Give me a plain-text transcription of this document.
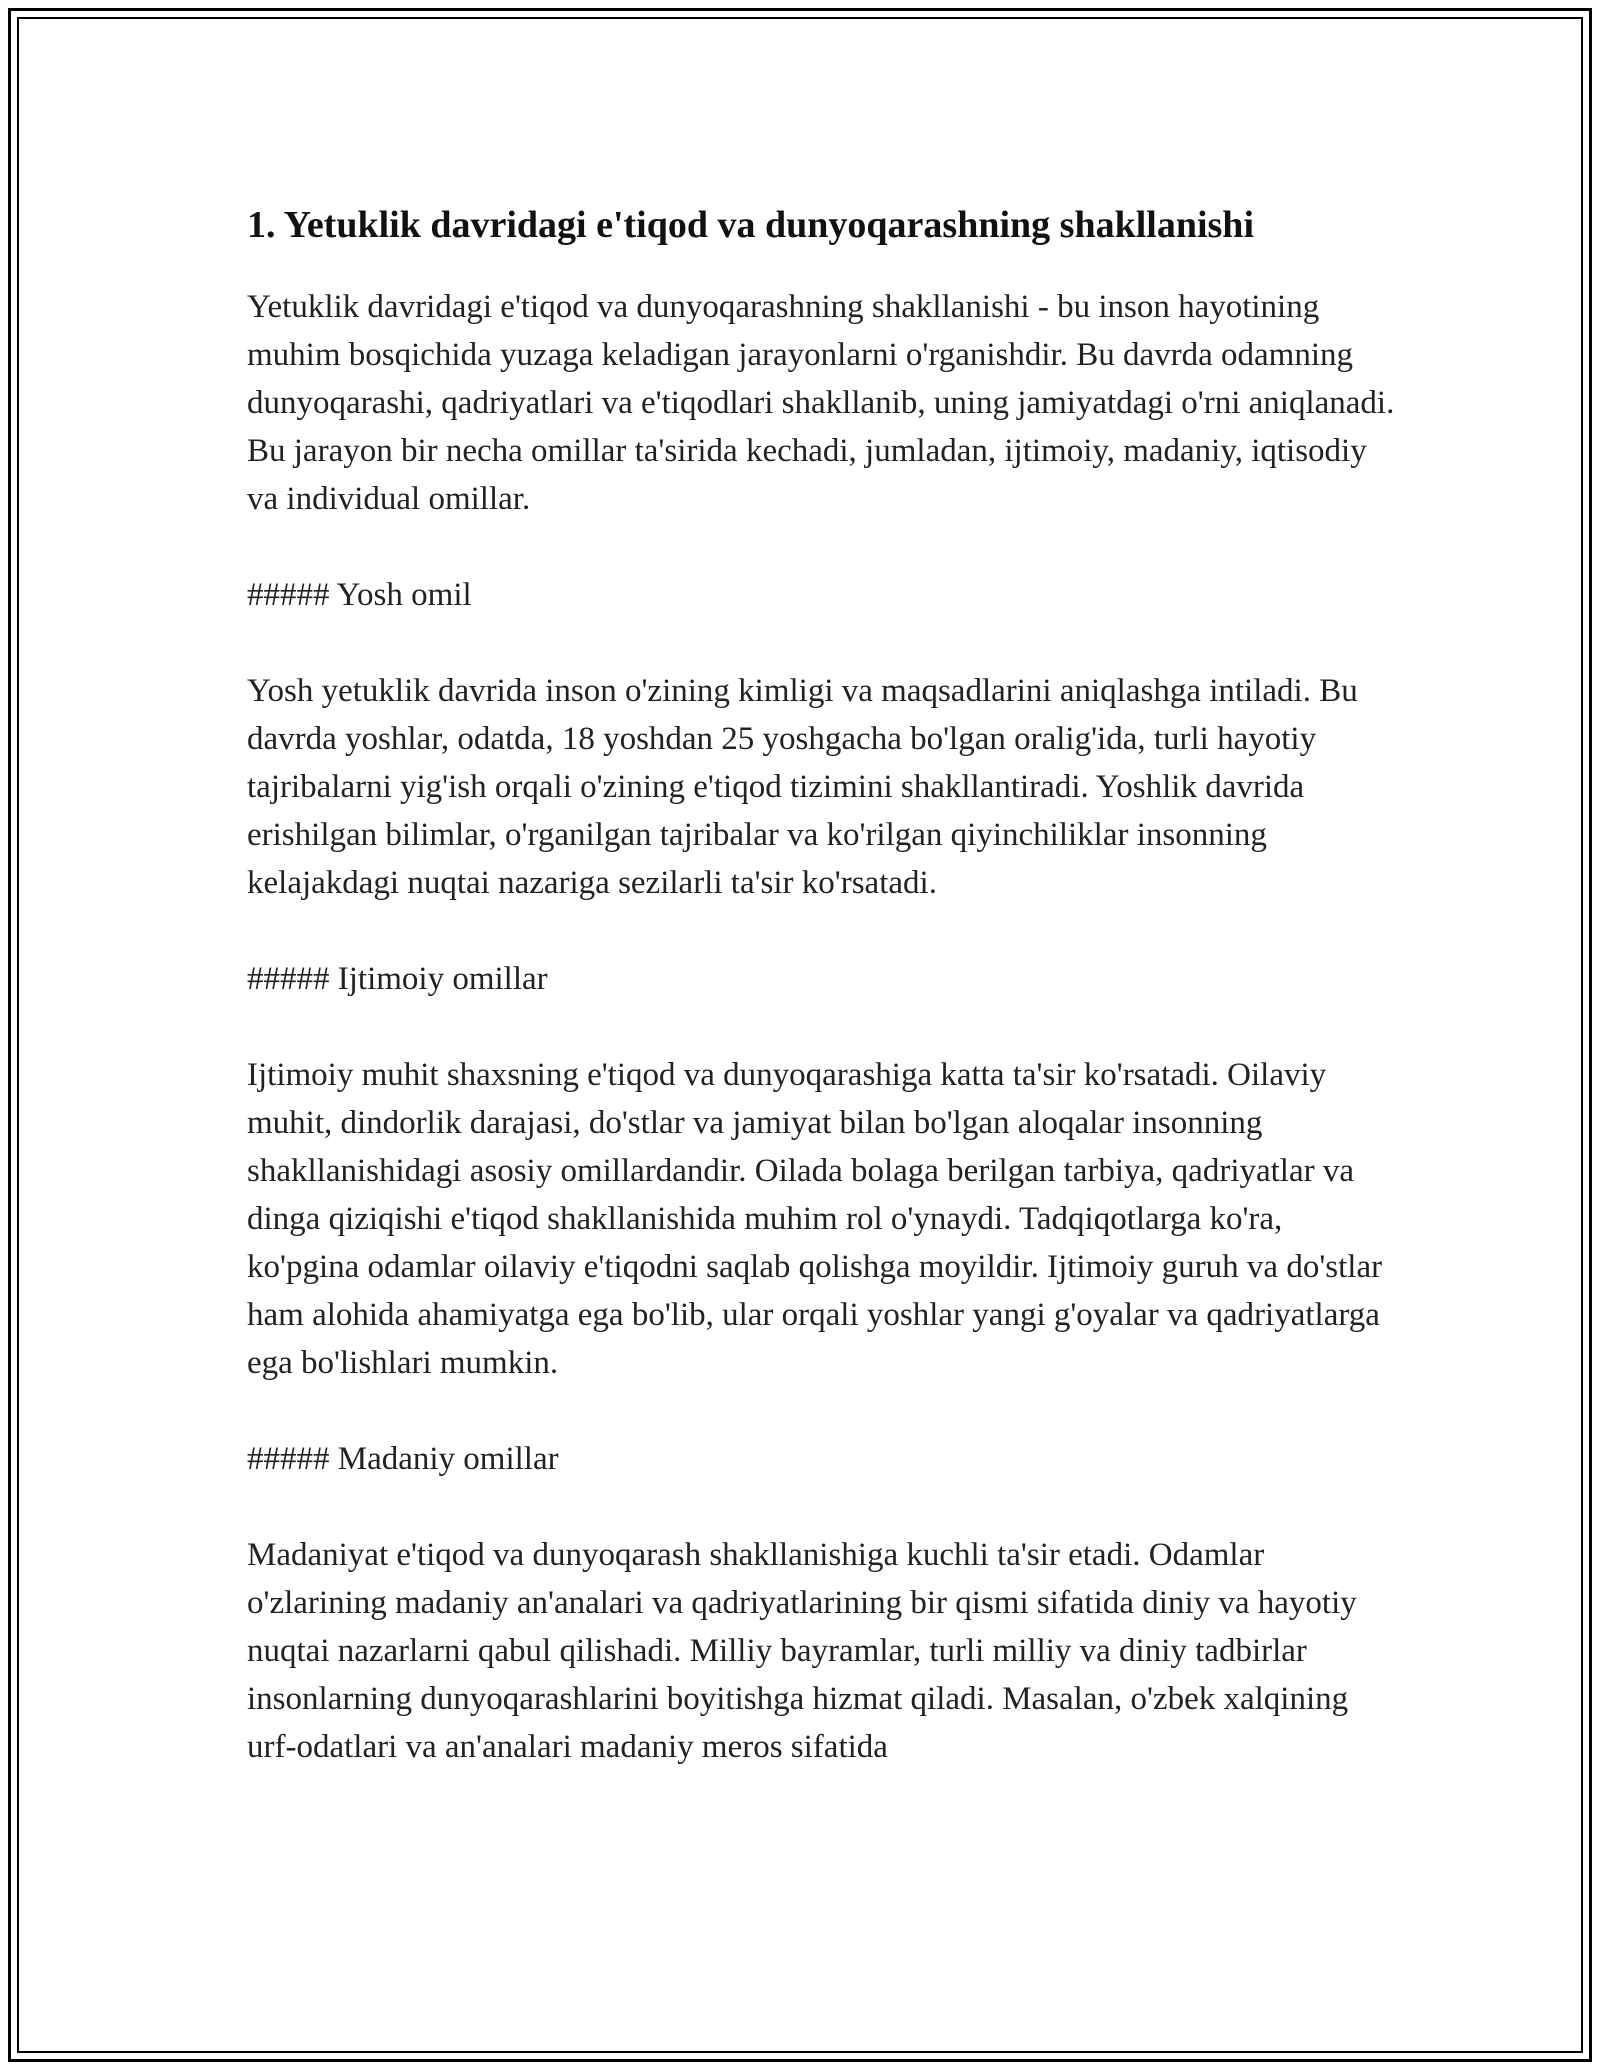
1. Yetuklik davridagi e'tiqod va dunyoqarashning shakllanishi

Yetuklik davridagi e'tiqod va dunyoqarashning shakllanishi - bu inson hayotining muhim bosqichida yuzaga keladigan jarayonlarni o'rganishdir. Bu davrda odamning dunyoqarashi, qadriyatlari va e'tiqodlari shakllanib, uning jamiyatdagi o'rni aniqlanadi. Bu jarayon bir necha omillar ta'sirida kechadi, jumladan, ijtimoiy, madaniy, iqtisodiy va individual omillar.

##### Yosh omil

Yosh yetuklik davrida inson o'zining kimligi va maqsadlarini aniqlashga intiladi. Bu davrda yoshlar, odatda, 18 yoshdan 25 yoshgacha bo'lgan oralig'ida, turli hayotiy tajribalarni yig'ish orqali o'zining e'tiqod tizimini shakllantiradi. Yoshlik davrida erishilgan bilimlar, o'rganilgan tajribalar va ko'rilgan qiyinchiliklar insonning kelajakdagi nuqtai nazariga sezilarli ta'sir ko'rsatadi.

##### Ijtimoiy omillar

Ijtimoiy muhit shaxsning e'tiqod va dunyoqarashiga katta ta'sir ko'rsatadi. Oilaviy muhit, dindorlik darajasi, do'stlar va jamiyat bilan bo'lgan aloqalar insonning shakllanishidagi asosiy omillardandir. Oilada bolaga berilgan tarbiya, qadriyatlar va dinga qiziqishi e'tiqod shakllanishida muhim rol o'ynaydi. Tadqiqotlarga ko'ra, ko'pgina odamlar oilaviy e'tiqodni saqlab qolishga moyildir. Ijtimoiy guruh va do'stlar ham alohida ahamiyatga ega bo'lib, ular orqali yoshlar yangi g'oyalar va qadriyatlarga ega bo'lishlari mumkin.

##### Madaniy omillar

Madaniyat e'tiqod va dunyoqarash shakllanishiga kuchli ta'sir etadi. Odamlar o'zlarining madaniy an'analari va qadriyatlarining bir qismi sifatida diniy va hayotiy nuqtai nazarlarni qabul qilishadi. Milliy bayramlar, turli milliy va diniy tadbirlar insonlarning dunyoqarashlarini boyitishga hizmat qiladi. Masalan, o'zbek xalqining urf-odatlari va an'analari madaniy meros sifatida
